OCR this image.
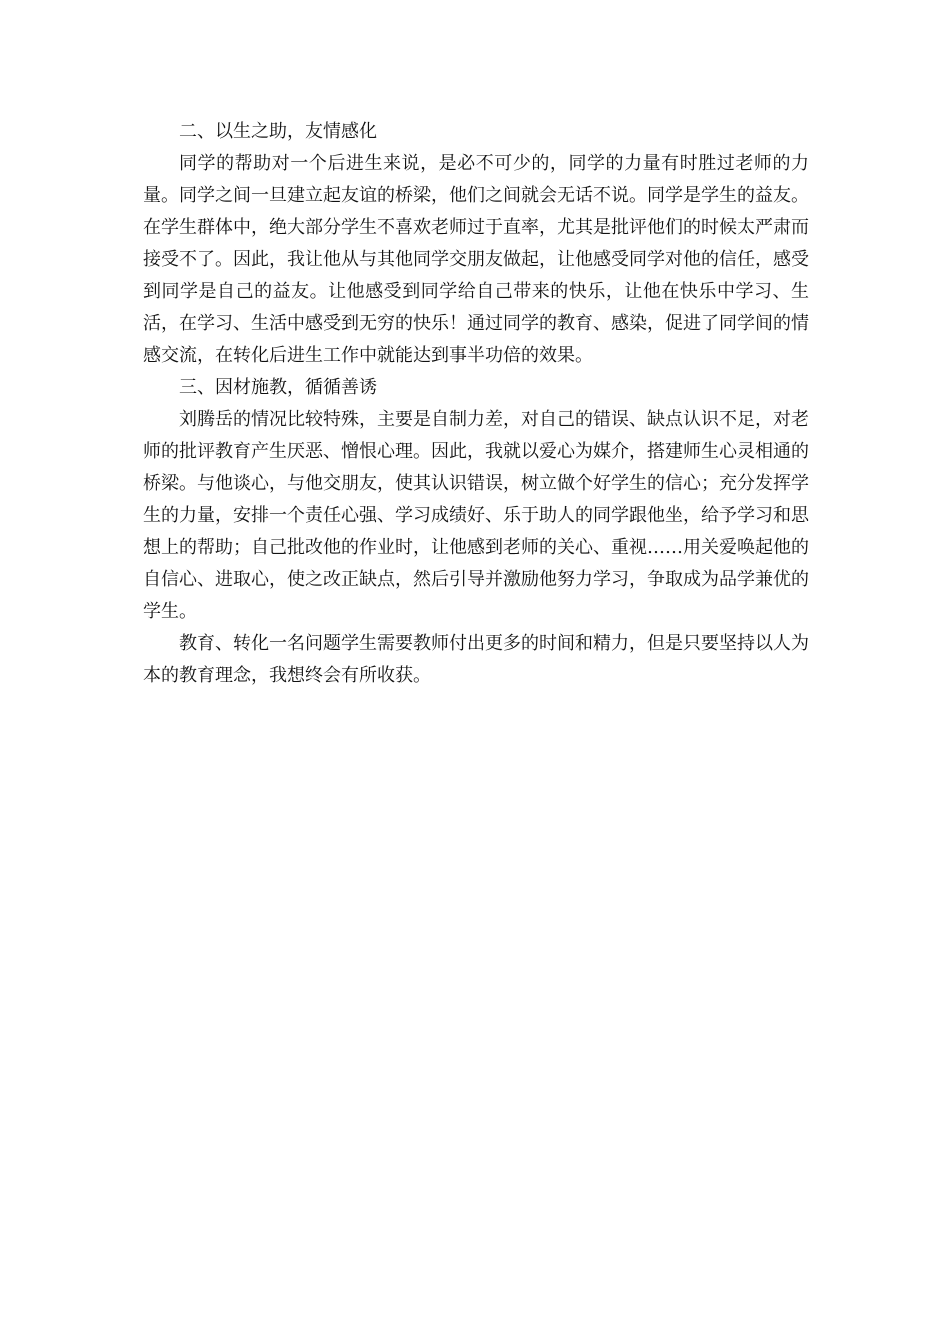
二、以生之助，友情感化

同学的帮助对一个后进生来说，是必不可少的，同学的力量有时胜过老师的力量。同学之间一旦建立起友谊的桥梁，他们之间就会无话不说。同学是学生的益友。在学生群体中，绝大部分学生不喜欢老师过于直率，尤其是批评他们的时候太严肃而接受不了。因此，我让他从与其他同学交朋友做起，让他感受同学对他的信任，感受到同学是自己的益友。让他感受到同学给自己带来的快乐，让他在快乐中学习、生活，在学习、生活中感受到无穷的快乐！通过同学的教育、感染，促进了同学间的情感交流，在转化后进生工作中就能达到事半功倍的效果。

三、因材施教，循循善诱

刘腾岳的情况比较特殊，主要是自制力差，对自己的错误、缺点认识不足，对老师的批评教育产生厌恶、憎恨心理。因此，我就以爱心为媒介，搭建师生心灵相通的桥梁。与他谈心，与他交朋友，使其认识错误，树立做个好学生的信心；充分发挥学生的力量，安排一个责任心强、学习成绩好、乐于助人的同学跟他坐，给予学习和思想上的帮助；自己批改他的作业时，让他感到老师的关心、重视……用关爱唤起他的自信心、进取心，使之改正缺点，然后引导并激励他努力学习，争取成为品学兼优的学生。

教育、转化一名问题学生需要教师付出更多的时间和精力，但是只要坚持以人为本的教育理念，我想终会有所收获。
